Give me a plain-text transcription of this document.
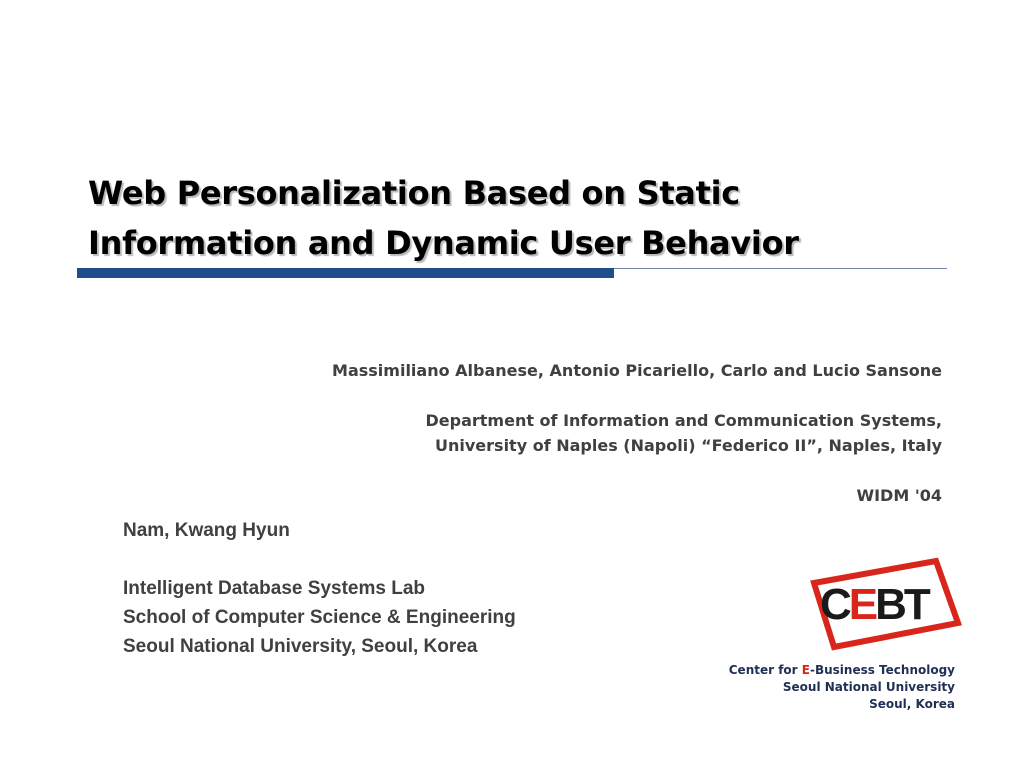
Web Personalization Based on Static
Information and Dynamic User Behavior
Massimiliano Albanese, Antonio Picariello, Carlo and Lucio Sansone
Department of Information and Communication Systems,
University of Naples (Napoli) “Federico II”, Naples, Italy
WIDM '04
Nam, Kwang Hyun
Intelligent Database Systems Lab
School of Computer Science & Engineering
Seoul National University, Seoul, Korea
CEBT
Center for E-Business Technology
Seoul National University
Seoul, Korea
